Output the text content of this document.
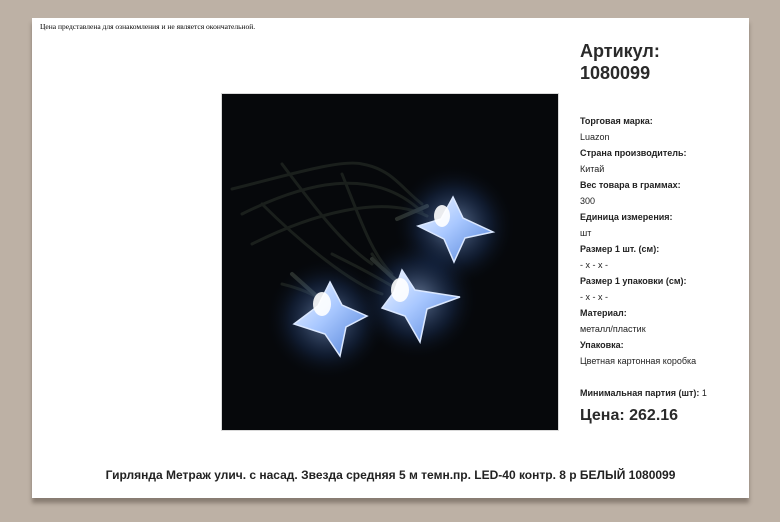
Цена представлена для ознакомления и не является окончательной.
Артикул:
1080099
Торговая марка:
Luazon
Страна производитель:
Китай
Вес товара в граммах:
300
Единица измерения:
шт
Размер 1 шт. (см):
- х - х -
Размер 1 упаковки (см):
- х - х -
Материал:
металл/пластик
Упаковка:
Цветная картонная коробка
Минимальная партия (шт): 1
Цена: 262.16
Гирлянда Метраж улич. с насад. Звезда средняя 5 м темн.пр. LED-40 контр. 8 р БЕЛЫЙ 1080099
